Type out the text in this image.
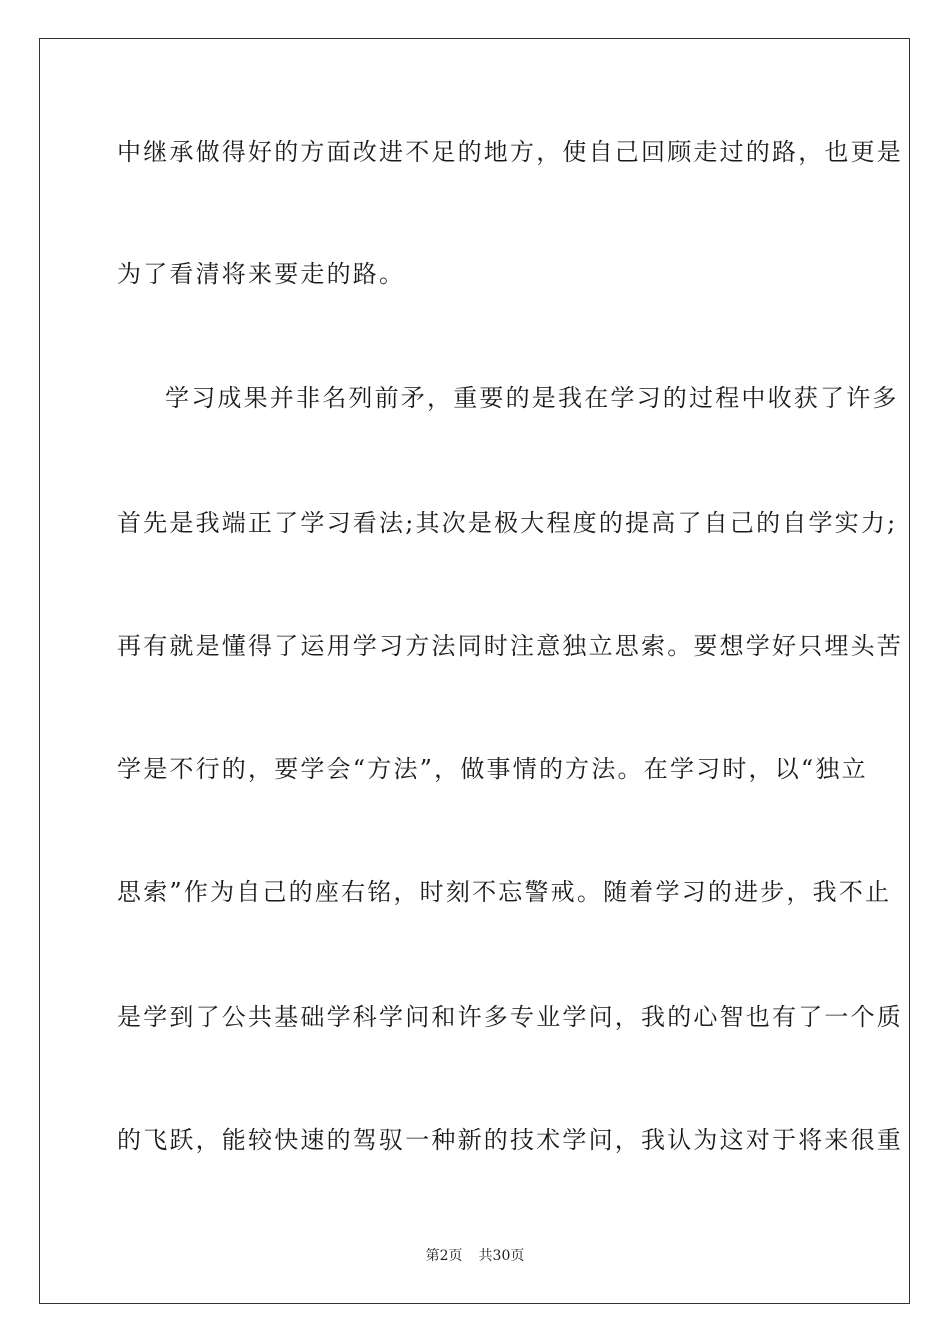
中继承做得好的方面改进不足的地方，使自己回顾走过的路，也更是
为了看清将来要走的路。
学习成果并非名列前矛，重要的是我在学习的过程中收获了许多
首先是我端正了学习看法;其次是极大程度的提高了自己的自学实力;
再有就是懂得了运用学习方法同时注意独立思索。要想学好只埋头苦
学是不行的，要学会“方法”，做事情的方法。在学习时，以“独立
思索”作为自己的座右铭，时刻不忘警戒。随着学习的进步，我不止
是学到了公共基础学科学问和许多专业学问，我的心智也有了一个质
的飞跃，能较快速的驾驭一种新的技术学问，我认为这对于将来很重
第2页 共30页
